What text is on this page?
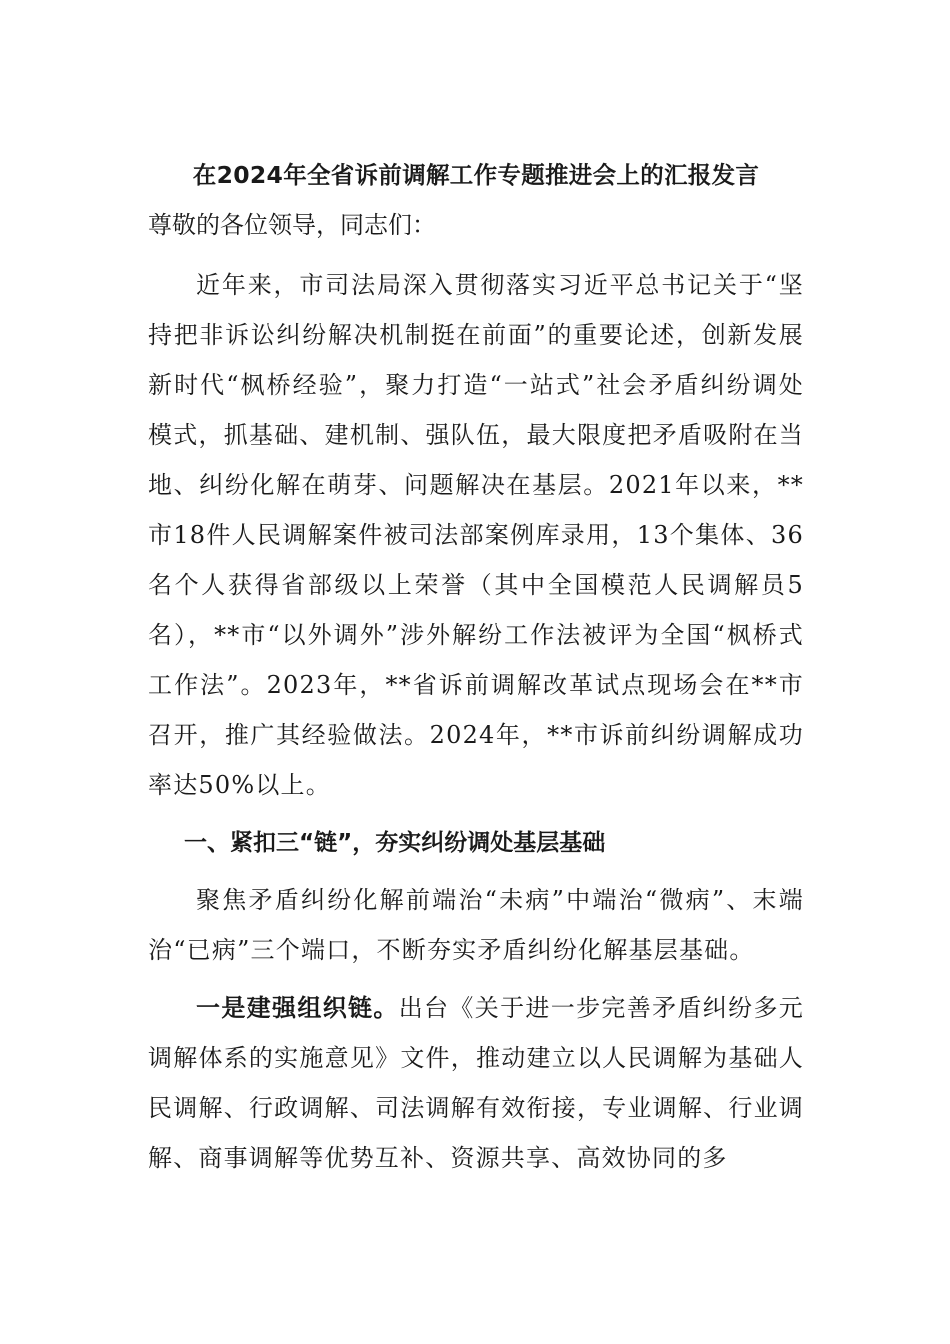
在2024年全省诉前调解工作专题推进会上的汇报发言
尊敬的各位领导，同志们：

近年来，市司法局深入贯彻落实习近平总书记关于“坚持把非诉讼纠纷解决机制挺在前面”的重要论述，创新发展新时代“枫桥经验”，聚力打造“一站式”社会矛盾纠纷调处模式，抓基础、建机制、强队伍，最大限度把矛盾吸附在当地、纠纷化解在萌芽、问题解决在基层。2021年以来，**市18件人民调解案件被司法部案例库录用，13个集体、36名个人获得省部级以上荣誉（其中全国模范人民调解员5名），**市“以外调外”涉外解纷工作法被评为全国“枫桥式工作法”。2023年，**省诉前调解改革试点现场会在**市召开，推广其经验做法。2024年，**市诉前纠纷调解成功率达50%以上。

一、紧扣三“链”，夯实纠纷调处基层基础

聚焦矛盾纠纷化解前端治“未病”中端治“微病”、末端治“已病”三个端口，不断夯实矛盾纠纷化解基层基础。

一是建强组织链。出台《关于进一步完善矛盾纠纷多元调解体系的实施意见》文件，推动建立以人民调解为基础人民调解、行政调解、司法调解有效衔接，专业调解、行业调解、商事调解等优势互补、资源共享、高效协同的多
